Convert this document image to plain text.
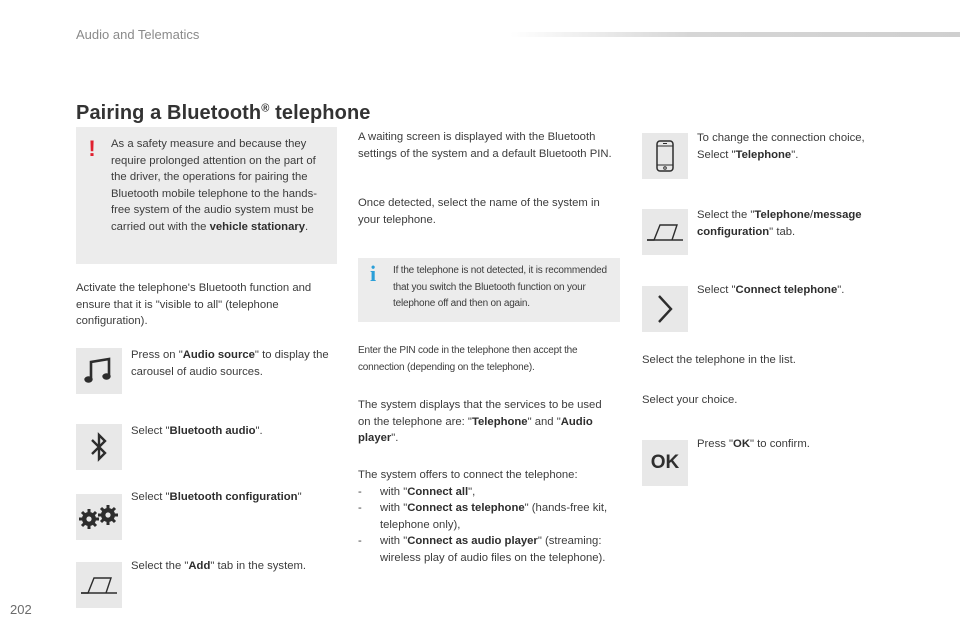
Audio and Telematics
Pairing a Bluetooth® telephone
! As a safety measure and because they require prolonged attention on the part of the driver, the operations for pairing the Bluetooth mobile telephone to the hands-free system of the audio system must be carried out with the vehicle stationary.
Activate the telephone's Bluetooth function and ensure that it is "visible to all" (telephone configuration).
Press on "Audio source" to display the carousel of audio sources.
Select "Bluetooth audio".
Select "Bluetooth configuration"
Select the "Add" tab in the system.
A waiting screen is displayed with the Bluetooth settings of the system and a default Bluetooth PIN.
Once detected, select the name of the system in your telephone.
i If the telephone is not detected, it is recommended that you switch the Bluetooth function on your telephone off and then on again.
Enter the PIN code in the telephone then accept the connection (depending on the telephone).
The system displays that the services to be used on the telephone are: "Telephone" and "Audio player".
The system offers to connect the telephone:
-	with "Connect all",
-	with "Connect as telephone" (hands-free kit, telephone only),
-	with "Connect as audio player" (streaming: wireless play of audio files on the telephone).
To change the connection choice, Select "Telephone".
Select the "Telephone/message configuration" tab.
Select "Connect telephone".
Select the telephone in the list.
Select your choice.
OK
Press "OK" to confirm.
202
